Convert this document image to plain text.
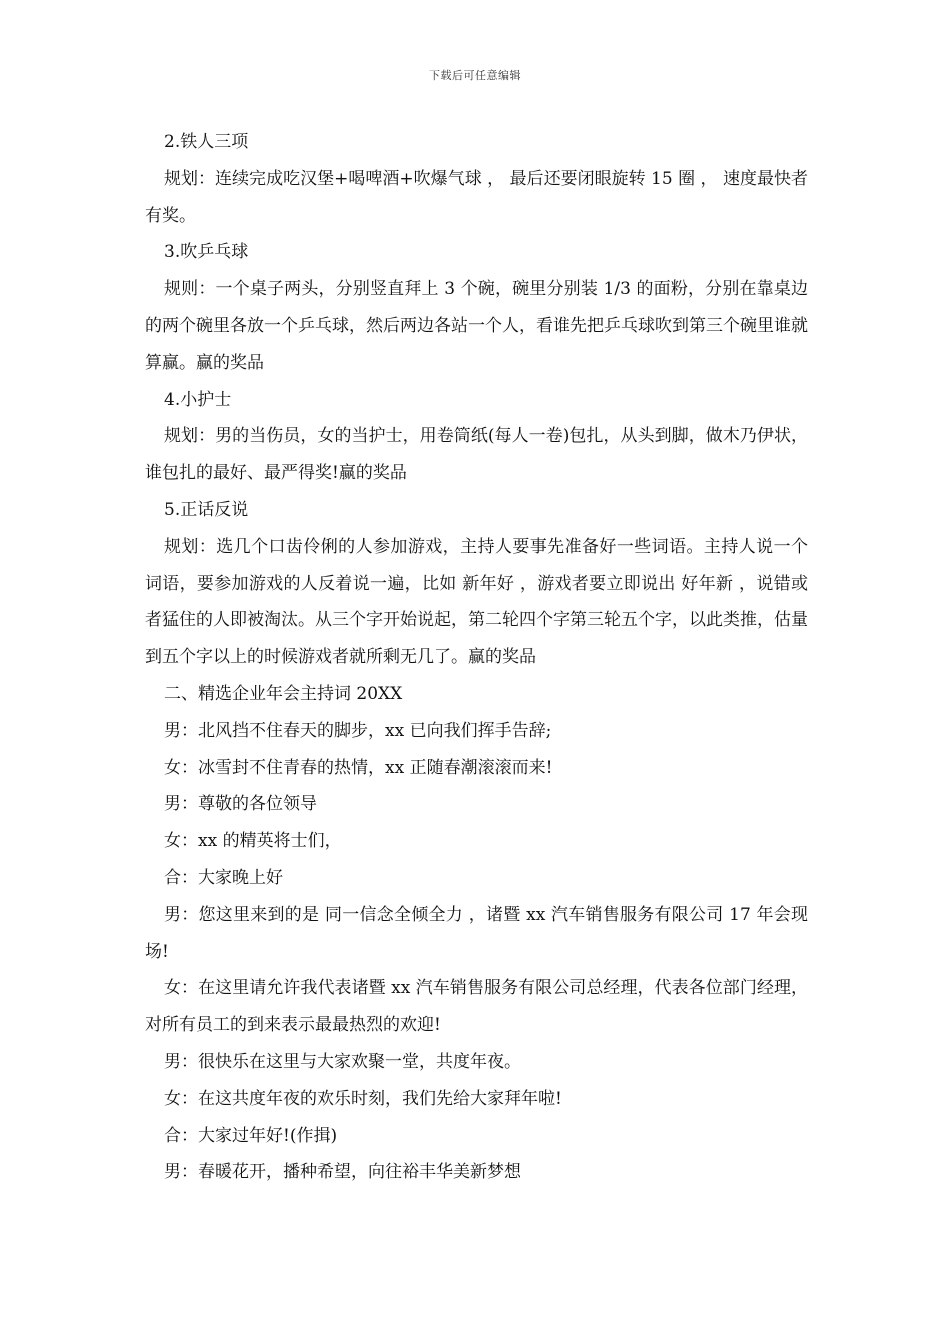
下载后可任意编辑

2.铁人三项

规划：连续完成吃汉堡+喝啤酒+吹爆气球 ， 最后还要闭眼旋转 15 圈 ， 速度最快者有奖。

3.吹乒乓球

规则：一个桌子两头，分别竖直拜上 3 个碗，碗里分别装 1/3 的面粉，分别在靠桌边的两个碗里各放一个乒乓球，然后两边各站一个人，看谁先把乒乓球吹到第三个碗里谁就算赢。赢的奖品

4.小护士

规划：男的当伤员，女的当护士，用卷筒纸(每人一卷)包扎，从头到脚，做木乃伊状，谁包扎的最好、最严得奖!赢的奖品

5.正话反说

规划：选几个口齿伶俐的人参加游戏，主持人要事先准备好一些词语。主持人说一个词语，要参加游戏的人反着说一遍，比如 新年好 ，游戏者要立即说出 好年新 ，说错或者猛住的人即被淘汰。从三个字开始说起，第二轮四个字第三轮五个字，以此类推，估量到五个字以上的时候游戏者就所剩无几了。赢的奖品

二、精选企业年会主持词 20XX

男：北风挡不住春天的脚步，xx 已向我们挥手告辞;

女：冰雪封不住青春的热情，xx 正随春潮滚滚而来!

男：尊敬的各位领导

女：xx 的精英将士们，

合：大家晚上好

男：您这里来到的是 同一信念全倾全力 ，诸暨 xx 汽车销售服务有限公司 17 年会现场!

女：在这里请允许我代表诸暨 xx 汽车销售服务有限公司总经理，代表各位部门经理，对所有员工的到来表示最最热烈的欢迎!

男：很快乐在这里与大家欢聚一堂，共度年夜。

女：在这共度年夜的欢乐时刻，我们先给大家拜年啦!

合：大家过年好!(作揖)

男：春暖花开，播种希望，向往裕丰华美新梦想
